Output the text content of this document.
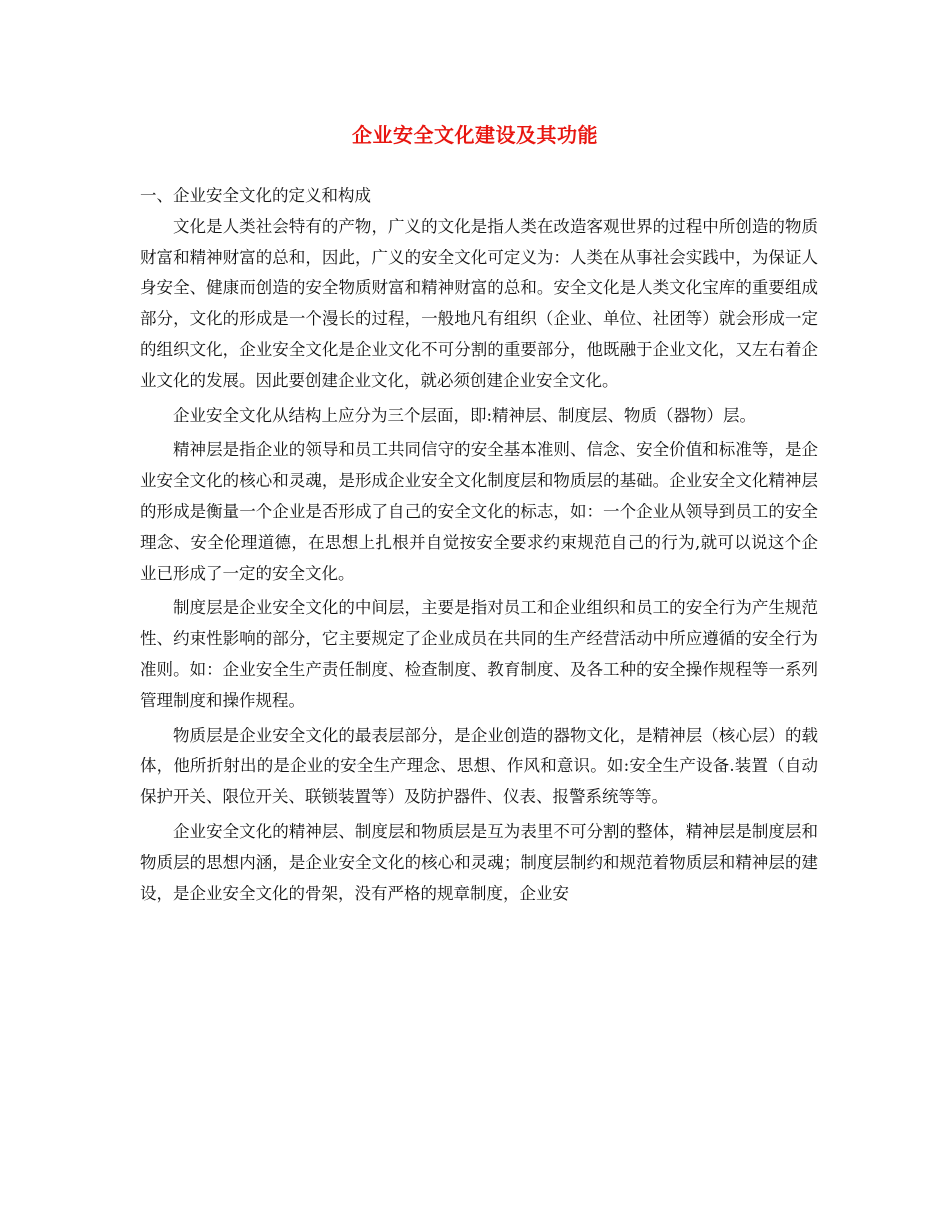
企业安全文化建设及其功能
一、企业安全文化的定义和构成

文化是人类社会特有的产物，广义的文化是指人类在改造客观世界的过程中所创造的物质财富和精神财富的总和，因此，广义的安全文化可定义为：人类在从事社会实践中，为保证人身安全、健康而创造的安全物质财富和精神财富的总和。安全文化是人类文化宝库的重要组成部分，文化的形成是一个漫长的过程，一般地凡有组织（企业、单位、社团等）就会形成一定的组织文化，企业安全文化是企业文化不可分割的重要部分，他既融于企业文化，又左右着企业文化的发展。因此要创建企业文化，就必须创建企业安全文化。

企业安全文化从结构上应分为三个层面，即:精神层、制度层、物质（器物）层。

精神层是指企业的领导和员工共同信守的安全基本准则、信念、安全价值和标准等，是企业安全文化的核心和灵魂，是形成企业安全文化制度层和物质层的基础。企业安全文化精神层的形成是衡量一个企业是否形成了自己的安全文化的标志，如：一个企业从领导到员工的安全理念、安全伦理道德，在思想上扎根并自觉按安全要求约束规范自己的行为,就可以说这个企业已形成了一定的安全文化。

制度层是企业安全文化的中间层，主要是指对员工和企业组织和员工的安全行为产生规范性、约束性影响的部分，它主要规定了企业成员在共同的生产经营活动中所应遵循的安全行为准则。如：企业安全生产责任制度、检查制度、教育制度、及各工种的安全操作规程等一系列管理制度和操作规程。

物质层是企业安全文化的最表层部分，是企业创造的器物文化，是精神层（核心层）的载体，他所折射出的是企业的安全生产理念、思想、作风和意识。如:安全生产设备.装置（自动保护开关、限位开关、联锁装置等）及防护器件、仪表、报警系统等等。

企业安全文化的精神层、制度层和物质层是互为表里不可分割的整体，精神层是制度层和物质层的思想内涵，是企业安全文化的核心和灵魂；制度层制约和规范着物质层和精神层的建设，是企业安全文化的骨架，没有严格的规章制度，企业安
